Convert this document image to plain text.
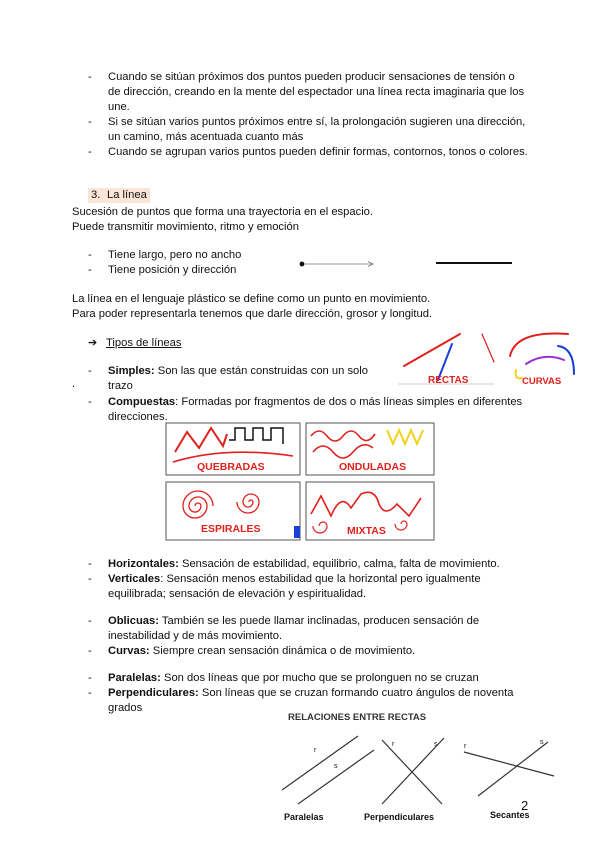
- Cuando se sitúan próximos dos puntos pueden producir sensaciones de tensión o de dirección, creando en la mente del espectador una línea recta imaginaria que los une.
- Si se sitúan varios puntos próximos entre sí, la prolongación sugieren una dirección, un camino, más acentuada cuanto más
- Cuando se agrupan varios puntos pueden definir formas, contornos, tonos o colores.
3. La línea
Sucesión de puntos que forma una trayectoria en el espacio.
Puede transmitir movimiento, ritmo y emoción
- Tiene largo, pero no ancho
- Tiene posición y dirección
La línea en el lenguaje plástico se define como un punto en movimiento.
Para poder representarla tenemos que darle dirección, grosor y longitud.
➔ Tipos de líneas
- Simples: Son las que están construidas con un solo trazo
.	RECTAS	CURVAS
- Compuestas: Formadas por fragmentos de dos o más líneas simples en diferentes direcciones.
QUEBRADAS	ONDULADAS
ESPIRALES	MIXTAS
- Horizontales: Sensación de estabilidad, equilibrio, calma, falta de movimiento.
- Verticales: Sensación menos estabilidad que la horizontal pero igualmente equilibrada; sensación de elevación y espiritualidad.
- Oblicuas: También se les puede llamar inclinadas, producen sensación de inestabilidad y de más movimiento.
- Curvas: Siempre crean sensación dinámica o de movimiento.
- Paralelas: Son dos líneas que por mucho que se prolonguen no se cruzan
- Perpendiculares: Son líneas que se cruzan formando cuatro ángulos de noventa grados
RELACIONES ENTRE RECTAS
r
s
r	s	r
s
Paralelas	Perpendiculares	Secantes
2
